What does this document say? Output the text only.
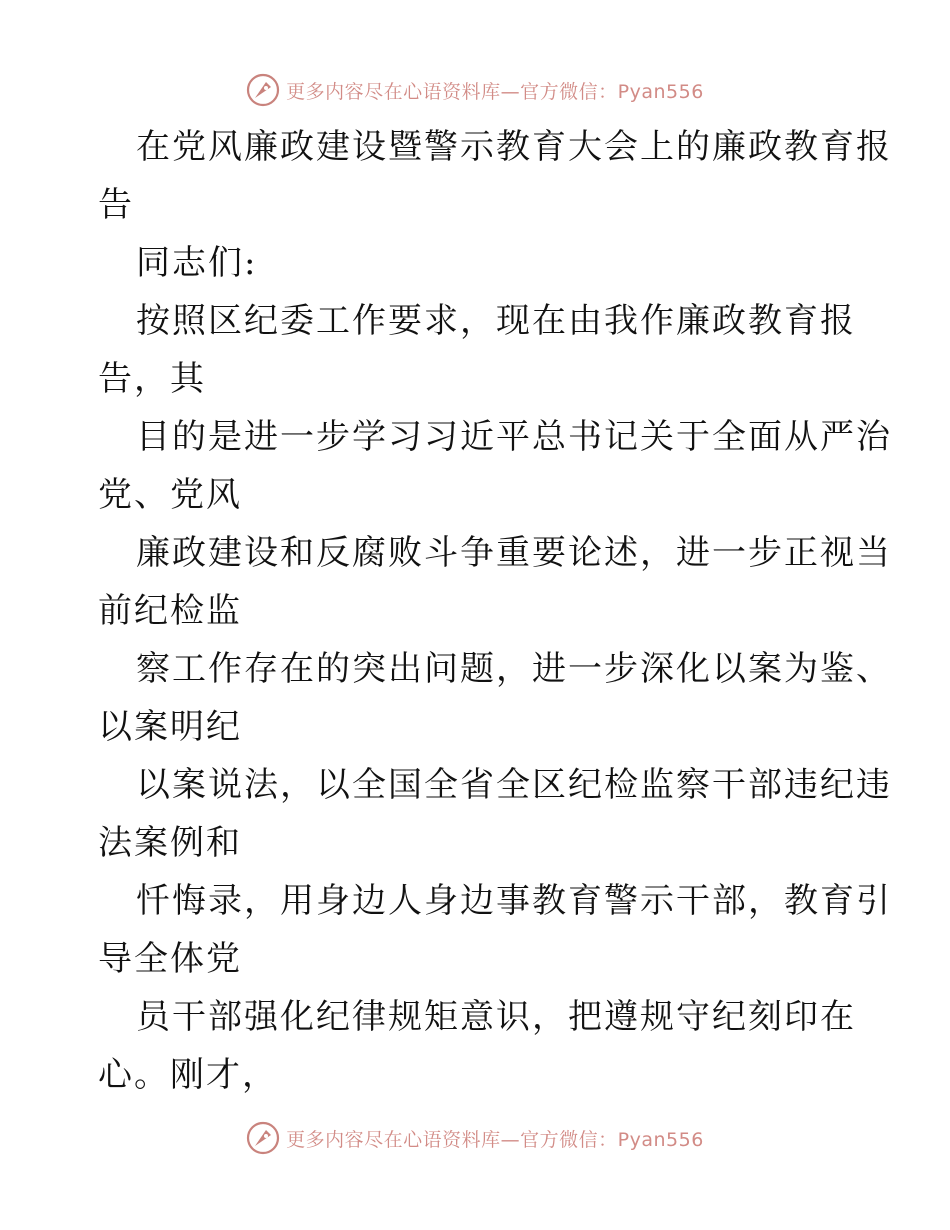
更多内容尽在心语资料库—官方微信：Pyan556
在党风廉政建设暨警示教育大会上的廉政教育报
告
同志们:
按照区纪委工作要求，现在由我作廉政教育报
告，其
目的是进一步学习习近平总书记关于全面从严治
党、党风
廉政建设和反腐败斗争重要论述，进一步正视当
前纪检监
察工作存在的突出问题，进一步深化以案为鉴、
以案明纪
以案说法，以全国全省全区纪检监察干部违纪违
法案例和
忏悔录，用身边人身边事教育警示干部，教育引
导全体党
员干部强化纪律规矩意识，把遵规守纪刻印在
心。刚才，
更多内容尽在心语资料库—官方微信：Pyan556
